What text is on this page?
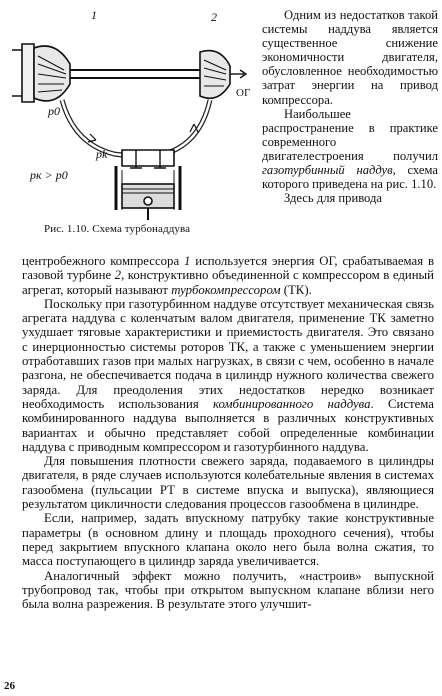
1	2
ОГ
p0
pk
pк > p0
Рис. 1.10. Схема турбонаддува

Одним из недостатков такой системы наддува является существенное снижение экономичности двигателя, обусловленное необходимостью затрат энергии на привод компрессора.

Наибольшее распространение в практике современного двигателестроения получил газотурбинный наддув, схема которого приведена на рис. 1.10.

Здесь для привода

центробежного компрессора 1 используется энергия ОГ, срабатываемая в газовой турбине 2, конструктивно объединенной с компрессором в единый агрегат, который называют турбокомпрессором (ТК).

Поскольку при газотурбинном наддуве отсутствует механическая связь агрегата наддува с коленчатым валом двигателя, применение ТК заметно ухудшает тяговые характеристики и приемистость двигателя. Это связано с инерционностью системы роторов ТК, а также с уменьшением энергии отработавших газов при малых нагрузках, в связи с чем, особенно в начале разгона, не обеспечивается подача в цилиндр нужного количества свежего заряда. Для преодоления этих недостатков нередко возникает необходимость использования комбинированного наддува. Система комбинированного наддува выполняется в различных конструктивных вариантах и обычно представляет собой определенные комбинации наддува с приводным компрессором и газотурбинного наддува.

Для повышения плотности свежего заряда, подаваемого в цилиндры двигателя, в ряде случаев используются колебательные явления в системах газообмена (пульсации РТ в системе впуска и выпуска), являющиеся результатом цикличности следования процессов газообмена в цилиндре.

Если, например, задать впускному патрубку такие конструктивные параметры (в основном длину и площадь проходного сечения), чтобы перед закрытием впускного клапана около него была волна сжатия, то масса поступающего в цилиндр заряда увеличивается.

Аналогичный эффект можно получить, «настроив» выпускной трубопровод так, чтобы при открытом выпускном клапане вблизи него была волна разрежения. В результате этого улучшит-

26
